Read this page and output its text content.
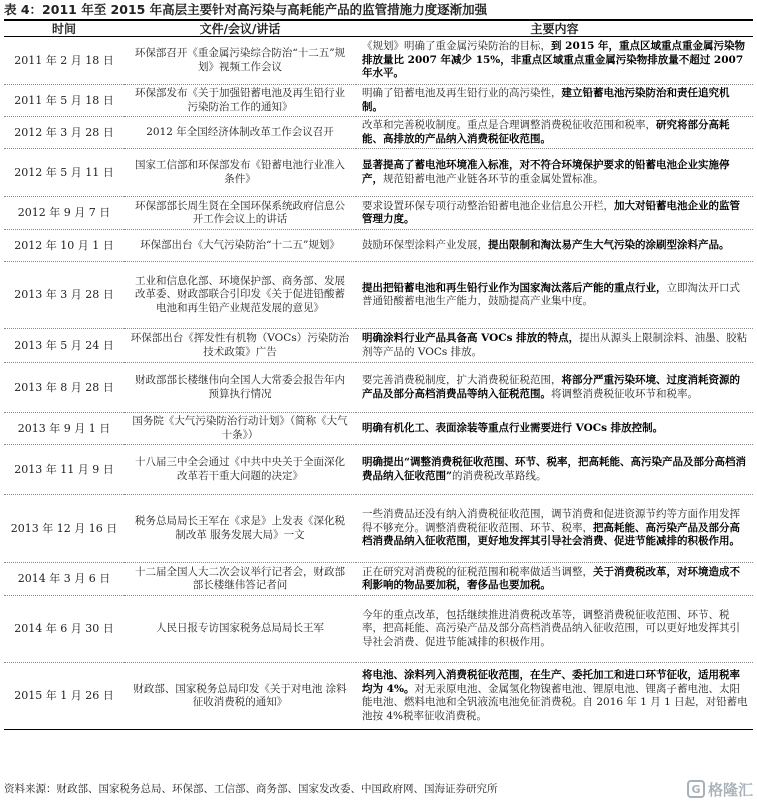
表 4：2011 年至 2015 年高层主要针对高污染与高耗能产品的监管措施力度逐渐加强
时间	文件/会议/讲话	主要内容
2011 年 2 月 18 日	环保部召开《重金属污染综合防治“十二五”规划》视频工作会议	《规划》明确了重金属污染防治的目标，到 2015 年，重点区域重点重金属污染物排放量比 2007 年减少 15%，非重点区域重点重金属污染物排放量不超过 2007 年水平。
2011 年 5 月 18 日	环保部发布《关于加强铅蓄电池及再生铅行业污染防治工作的通知》	明确了铅蓄电池及再生铅行业的高污染性，建立铅蓄电池污染防治和责任追究机制。
2012 年 3 月 28 日	2012 年全国经济体制改革工作会议召开	改革和完善税收制度。重点是合理调整消费税征收范围和税率，研究将部分高耗能、高排放的产品纳入消费税征收范围。
2012 年 5 月 11 日	国家工信部和环保部发布《铅蓄电池行业准入条件》	显著提高了蓄电池环境准入标准，对不符合环境保护要求的铅蓄电池企业实施停产，规范铅蓄电池产业链各环节的重金属处置标准。
2012 年 9 月 7 日	环保部部长周生贤在全国环保系统政府信息公开工作会议上的讲话	要求设置环保专项行动整治铅蓄电池企业信息公开栏，加大对铅蓄电池企业的监管管理力度。
2012 年 10 月 1 日	环保部出台《大气污染防治“十二五”规划》	鼓励环保型涂料产业发展，提出限制和淘汰易产生大气污染的涂刷型涂料产品。
2013 年 3 月 28 日	工业和信息化部、环境保护部、商务部、发展改革委、财政部联合引印发《关于促进铅酸蓄电池和再生铅产业规范发展的意见》	提出把铅蓄电池和再生铅行业作为国家淘汰落后产能的重点行业，立即淘汰开口式普通铅酸蓄电池生产能力，鼓励提高产业集中度。
2013 年 5 月 24 日	环保部出台《挥发性有机物（VOCs）污染防治技术政策》广告	明确涂料行业产品具备高 VOCs 排放的特点，提出从源头上限制涂料、油墨、胶粘剂等产品的 VOCs 排放。
2013 年 8 月 28 日	财政部部长楼继伟向全国人大常委会报告年内预算执行情况	要完善消费税制度，扩大消费税征税范围，将部分严重污染环境、过度消耗资源的产品及部分高档消费品等纳入征税范围。将调整消费税征收环节和税率。
2013 年 9 月 1 日	国务院《大气污染防治行动计划》（简称《大气十条》）	明确有机化工、表面涂装等重点行业需要进行 VOCs 排放控制。
2013 年 11 月 9 日	十八届三中全会通过《中共中央关于全面深化改革若干重大问题的决定》	明确提出“调整消费税征收范围、环节、税率，把高耗能、高污染产品及部分高档消费品纳入征收范围”的消费税改革路线。
2013 年 12 月 16 日	税务总局局长王军在《求是》上发表《深化税制改革 服务发展大局》一文	一些消费品还没有纳入消费税征收范围，调节消费和促进资源节约等方面作用发挥得不够充分。调整消费税征收范围、环节、税率，把高耗能、高污染产品及部分高档消费品纳入征收范围，更好地发挥其引导社会消费、促进节能减排的积极作用。
2014 年 3 月 6 日	十二届全国人大二次会议举行记者会，财政部部长楼继伟答记者问	正在研究对消费税的征税范围和税率做适当调整，关于消费税改革，对环境造成不利影响的物品要加税，奢侈品也要加税。
2014 年 6 月 30 日	人民日报专访国家税务总局局长王军	今年的重点改革，包括继续推进消费税改革等，调整消费税征收范围、环节、税率，把高耗能、高污染产品及部分高档消费品纳入征收范围，可以更好地发挥其引导社会消费、促进节能减排的积极作用。
2015 年 1 月 26 日	财政部、国家税务总局印发《关于对电池 涂料征收消费税的通知》	将电池、涂料列入消费税征收范围，在生产、委托加工和进口环节征收，适用税率均为 4%。对无汞原电池、金属氢化物镍蓄电池、锂原电池、锂离子蓄电池、太阳能电池、燃料电池和全钒液流电池免征消费税。自 2016 年 1 月 1 日起，对铅蓄电池按 4%税率征收消费税。
资料来源：财政部、国家税务总局、环保部、工信部、商务部、国家发改委、中国政府网、国海证券研究所	G 格隆汇
